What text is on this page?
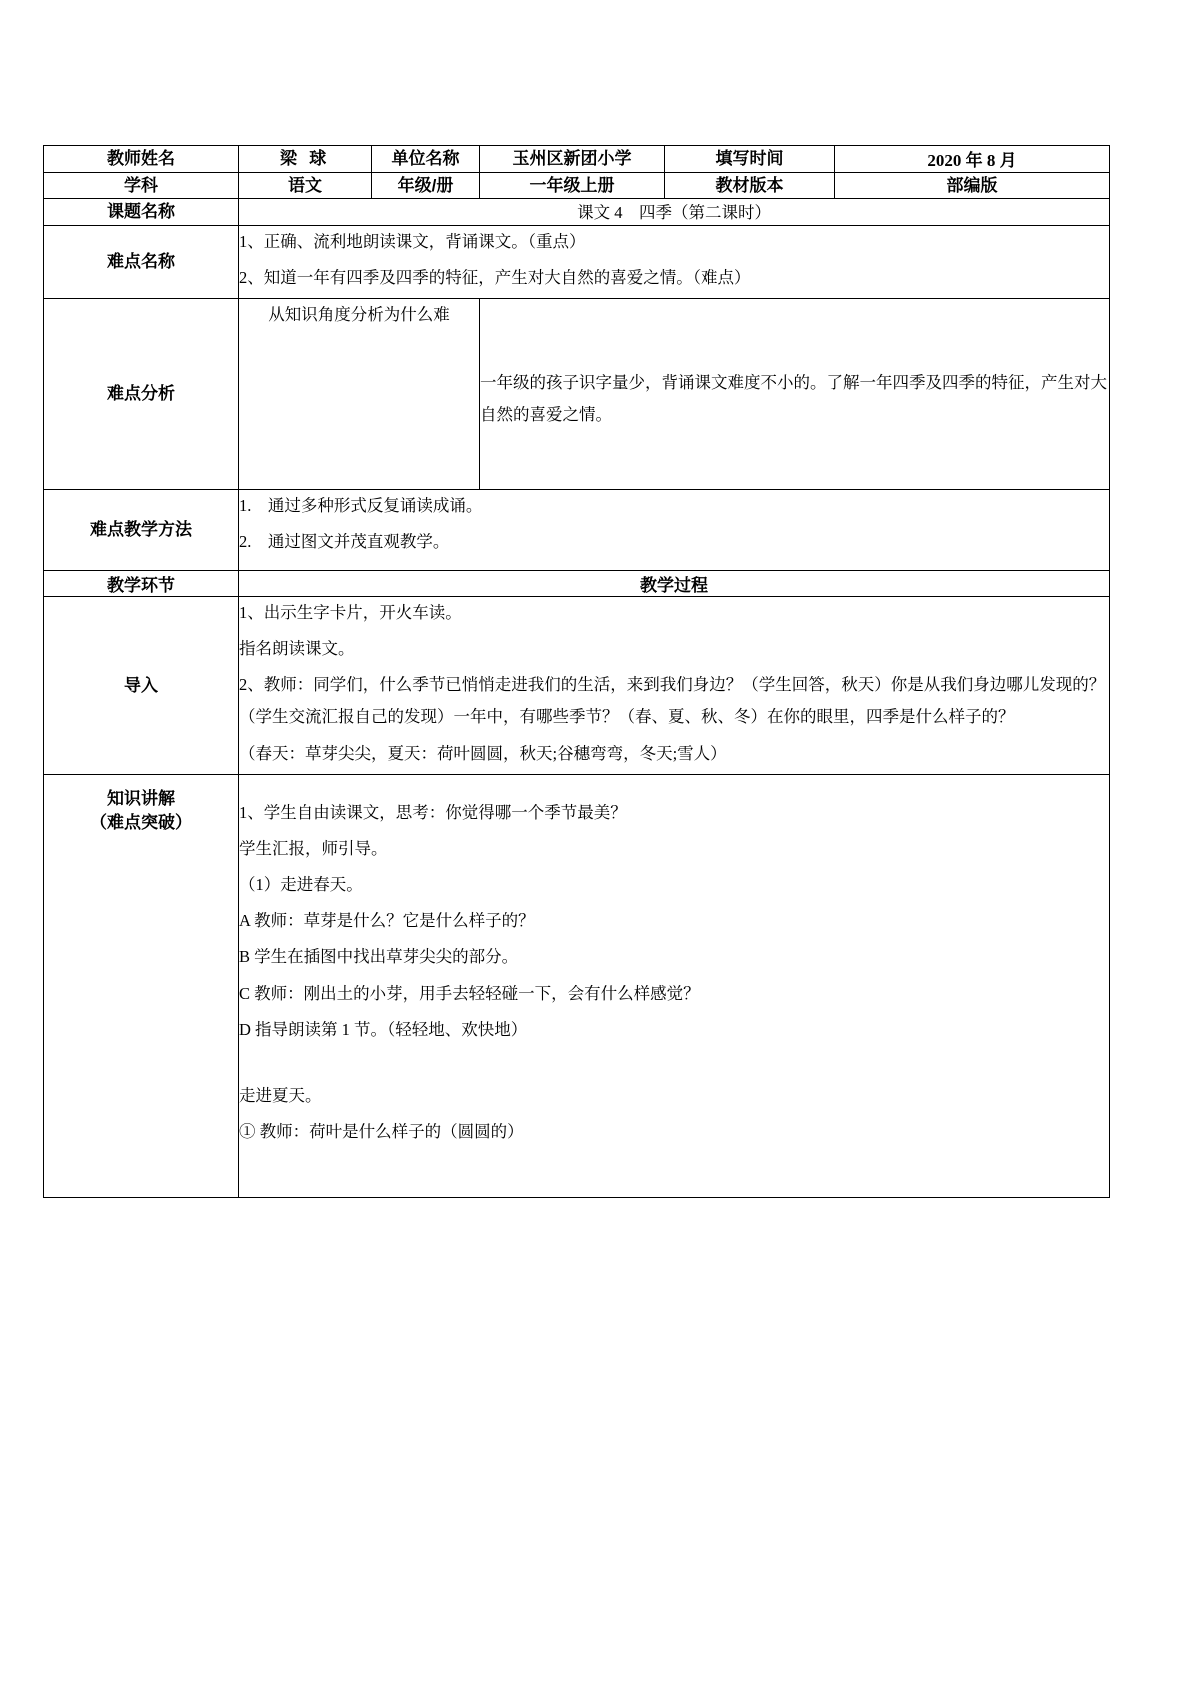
教师姓名	梁 球	单位名称	玉州区新团小学	填写时间	2020 年 8 月
学科	语文	年级/册	一年级上册	教材版本	部编版
课题名称	课文 4　四季（第二课时）				
难点名称	1、正确、流利地朗读课文，背诵课文。（重点）

2、知道一年有四季及四季的特征，产生对大自然的喜爱之情。（难点）				

难点分析	从知识角度分析为什么难		一年级的孩子识字量少，背诵课文难度不小的。了解一年四季及四季的特征，产生对大自然的喜爱之情。		
难点教学方法	1.　通过多种形式反复诵读成诵。

2.　通过图文并茂直观教学。				

教学环节	教学过程				
导入	1、出示生字卡片，开火车读。

指名朗读课文。

2、教师：同学们，什么季节已悄悄走进我们的生活，来到我们身边？（学生回答，秋天）你是从我们身边哪儿发现的？（学生交流汇报自己的发现）一年中，有哪些季节？（春、夏、秋、冬）在你的眼里，四季是什么样子的？

（春天：草芽尖尖，夏天：荷叶圆圆，秋天;谷穗弯弯，冬天;雪人）				

知识讲解
（难点突破）

1、学生自由读课文，思考：你觉得哪一个季节最美？

学生汇报，师引导。

（1）走进春天。

A 教师：草芽是什么？它是什么样子的？

B 学生在插图中找出草芽尖尖的部分。

C 教师：刚出土的小芽，用手去轻轻碰一下，会有什么样感觉？

D 指导朗读第 1 节。（轻轻地、欢快地）

走进夏天。

① 教师：荷叶是什么样子的（圆圆的）
